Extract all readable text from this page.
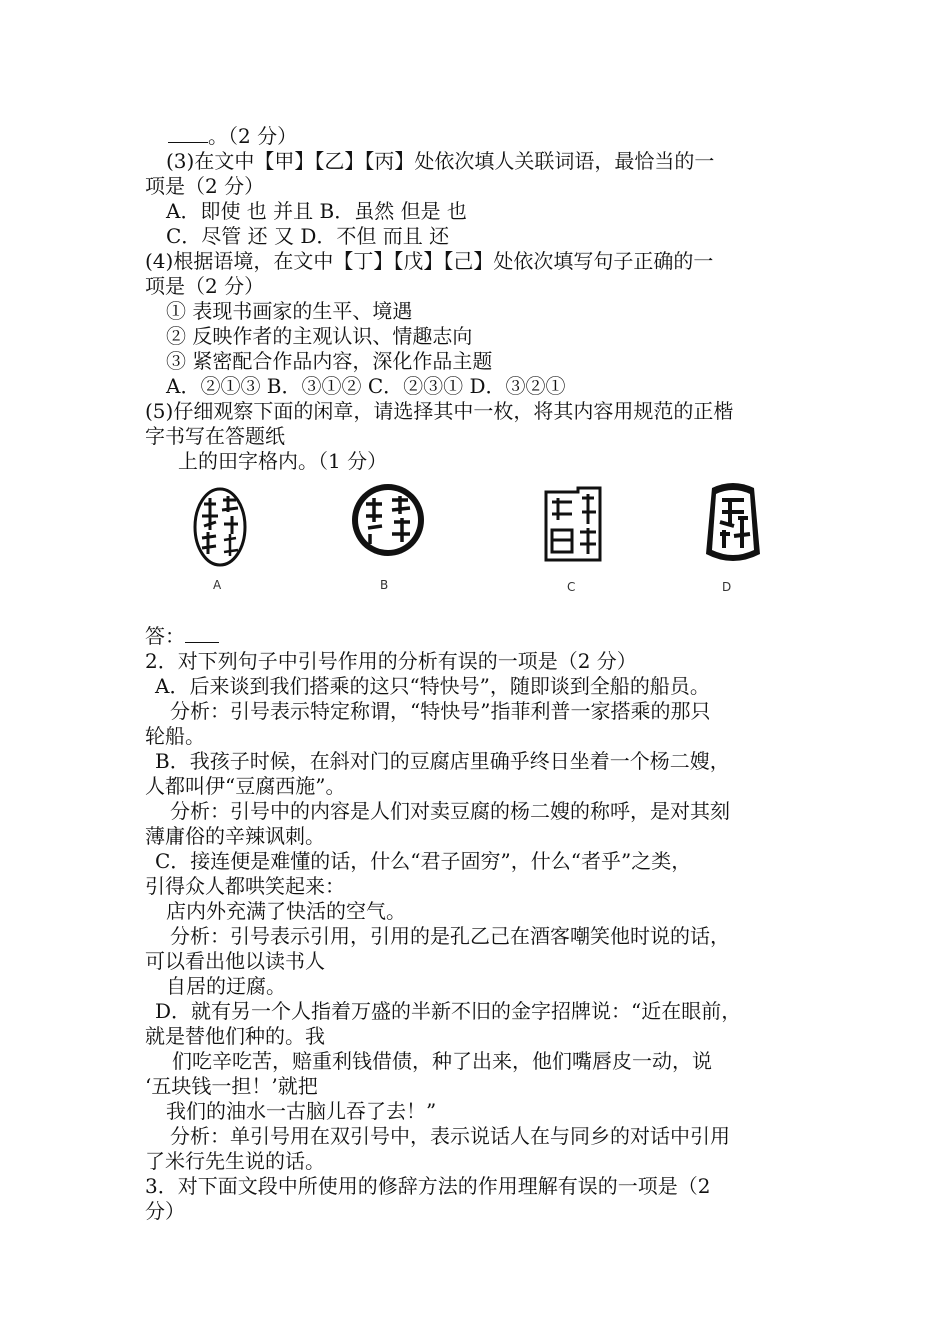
。（2 分）
(3)在文中【甲】【乙】【丙】处依次填人关联词语，最恰当的一
项是（2 分）
A．即使 也 并且 B．虽然 但是 也
C．尽管 还 又 D．不但 而且 还
(4)根据语境，在文中【丁】【戊】【己】处依次填写句子正确的一
项是（2 分）
① 表现书画家的生平、境遇
② 反映作者的主观认识、情趣志向
③ 紧密配合作品内容，深化作品主题
A．②①③ B．③①② C．②③① D．③②①
(5)仔细观察下面的闲章，请选择其中一枚，将其内容用规范的正楷
字书写在答题纸
上的田字格内。（1 分）
A	B	C	D
答：
2．对下列句子中引号作用的分析有误的一项是（2 分）
A．后来谈到我们搭乘的这只“特快号”，随即谈到全船的船员。
分析：引号表示特定称谓，“特快号”指菲利普一家搭乘的那只
轮船。
B．我孩子时候，在斜对门的豆腐店里确乎终日坐着一个杨二嫂，
人都叫伊“豆腐西施”。
分析：引号中的内容是人们对卖豆腐的杨二嫂的称呼，是对其刻
薄庸俗的辛辣讽刺。
C．接连便是难懂的话，什么“君子固穷”，什么“者乎”之类，
引得众人都哄笑起来：
店内外充满了快活的空气。
分析：引号表示引用，引用的是孔乙己在酒客嘲笑他时说的话，
可以看出他以读书人
自居的迂腐。
D．就有另一个人指着万盛的半新不旧的金字招牌说：“近在眼前，
就是替他们种的。我
们吃辛吃苦，赔重利钱借债，种了出来，他们嘴唇皮一动，说
‘五块钱一担！’就把
我们的油水一古脑儿吞了去！”
分析：单引号用在双引号中，表示说话人在与同乡的对话中引用
了米行先生说的话。
3．对下面文段中所使用的修辞方法的作用理解有误的一项是（2
分）
